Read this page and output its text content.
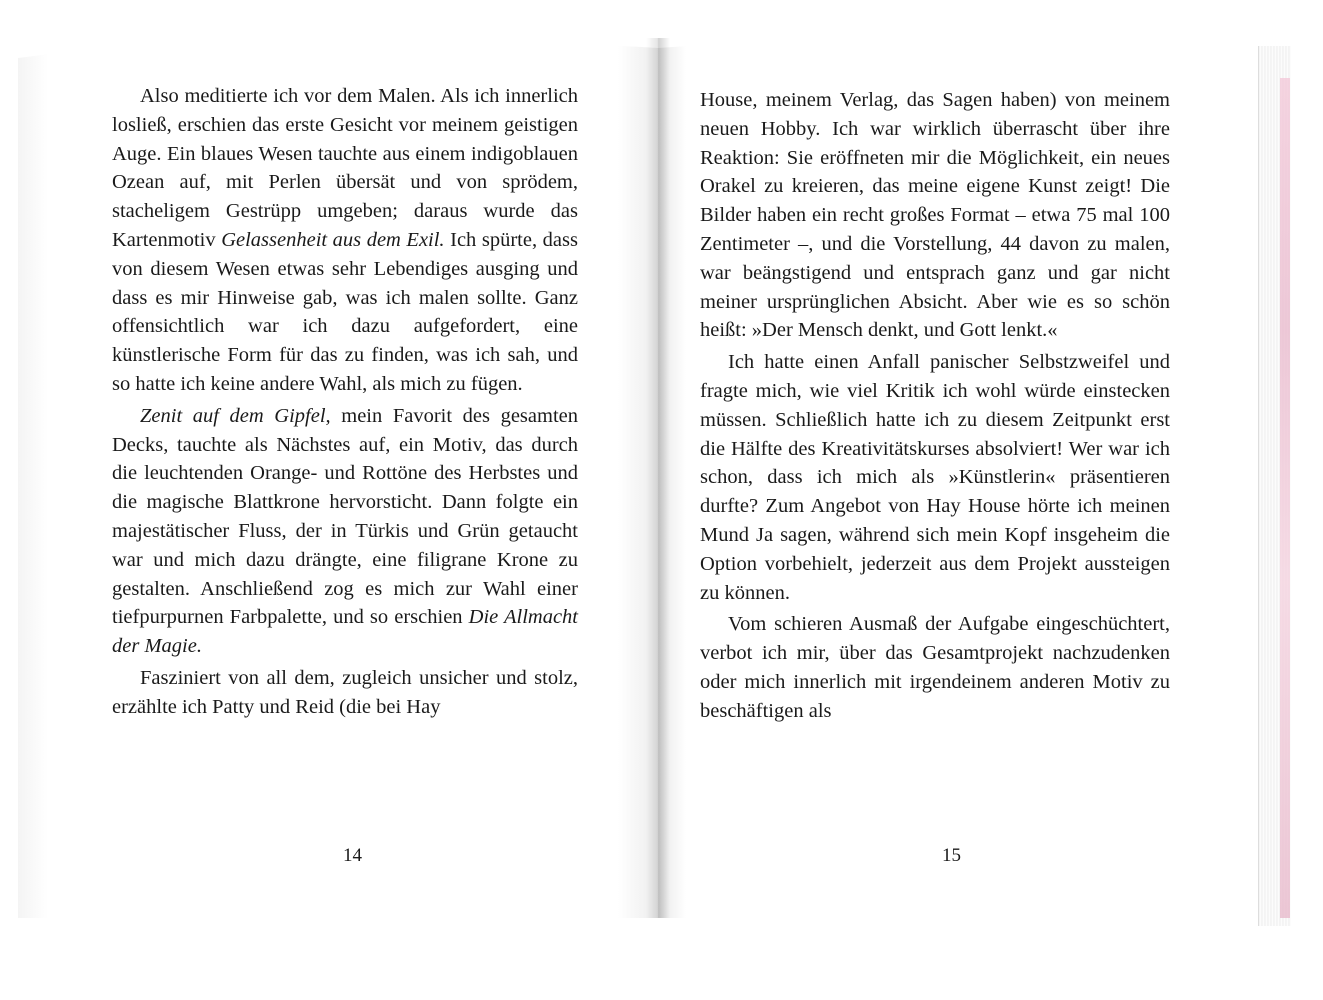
Also meditierte ich vor dem Malen. Als ich innerlich losließ, erschien das erste Gesicht vor meinem geistigen Auge. Ein blaues Wesen tauchte aus einem indigoblauen Ozean auf, mit Perlen übersät und von sprödem, stacheligem Gestrüpp umgeben; daraus wurde das Kartenmotiv Gelassenheit aus dem Exil. Ich spürte, dass von diesem Wesen etwas sehr Lebendiges ausging und dass es mir Hinweise gab, was ich malen sollte. Ganz offensichtlich war ich dazu aufgefordert, eine künstlerische Form für das zu finden, was ich sah, und so hatte ich keine andere Wahl, als mich zu fügen.

Zenit auf dem Gipfel, mein Favorit des gesamten Decks, tauchte als Nächstes auf, ein Motiv, das durch die leuchtenden Orange- und Rottöne des Herbstes und die magische Blattkrone hervorsticht. Dann folgte ein majestätischer Fluss, der in Türkis und Grün getaucht war und mich dazu drängte, eine filigrane Krone zu gestalten. Anschließend zog es mich zur Wahl einer tiefpurpurnen Farbpalette, und so erschien Die Allmacht der Magie.

Fasziniert von all dem, zugleich unsicher und stolz, erzählte ich Patty und Reid (die bei Hay

House, meinem Verlag, das Sagen haben) von meinem neuen Hobby. Ich war wirklich überrascht über ihre Reaktion: Sie eröffneten mir die Möglichkeit, ein neues Orakel zu kreieren, das meine eigene Kunst zeigt! Die Bilder haben ein recht großes Format – etwa 75 mal 100 Zentimeter –, und die Vorstellung, 44 davon zu malen, war beängstigend und entsprach ganz und gar nicht meiner ursprünglichen Absicht. Aber wie es so schön heißt: »Der Mensch denkt, und Gott lenkt.«

Ich hatte einen Anfall panischer Selbstzweifel und fragte mich, wie viel Kritik ich wohl würde einstecken müssen. Schließlich hatte ich zu diesem Zeitpunkt erst die Hälfte des Kreativitätskurses absolviert! Wer war ich schon, dass ich mich als »Künstlerin« präsentieren durfte? Zum Angebot von Hay House hörte ich meinen Mund Ja sagen, während sich mein Kopf insgeheim die Option vorbehielt, jederzeit aus dem Projekt aussteigen zu können.

Vom schieren Ausmaß der Aufgabe eingeschüchtert, verbot ich mir, über das Gesamtprojekt nachzudenken oder mich innerlich mit irgendeinem anderen Motiv zu beschäftigen als

14	15
